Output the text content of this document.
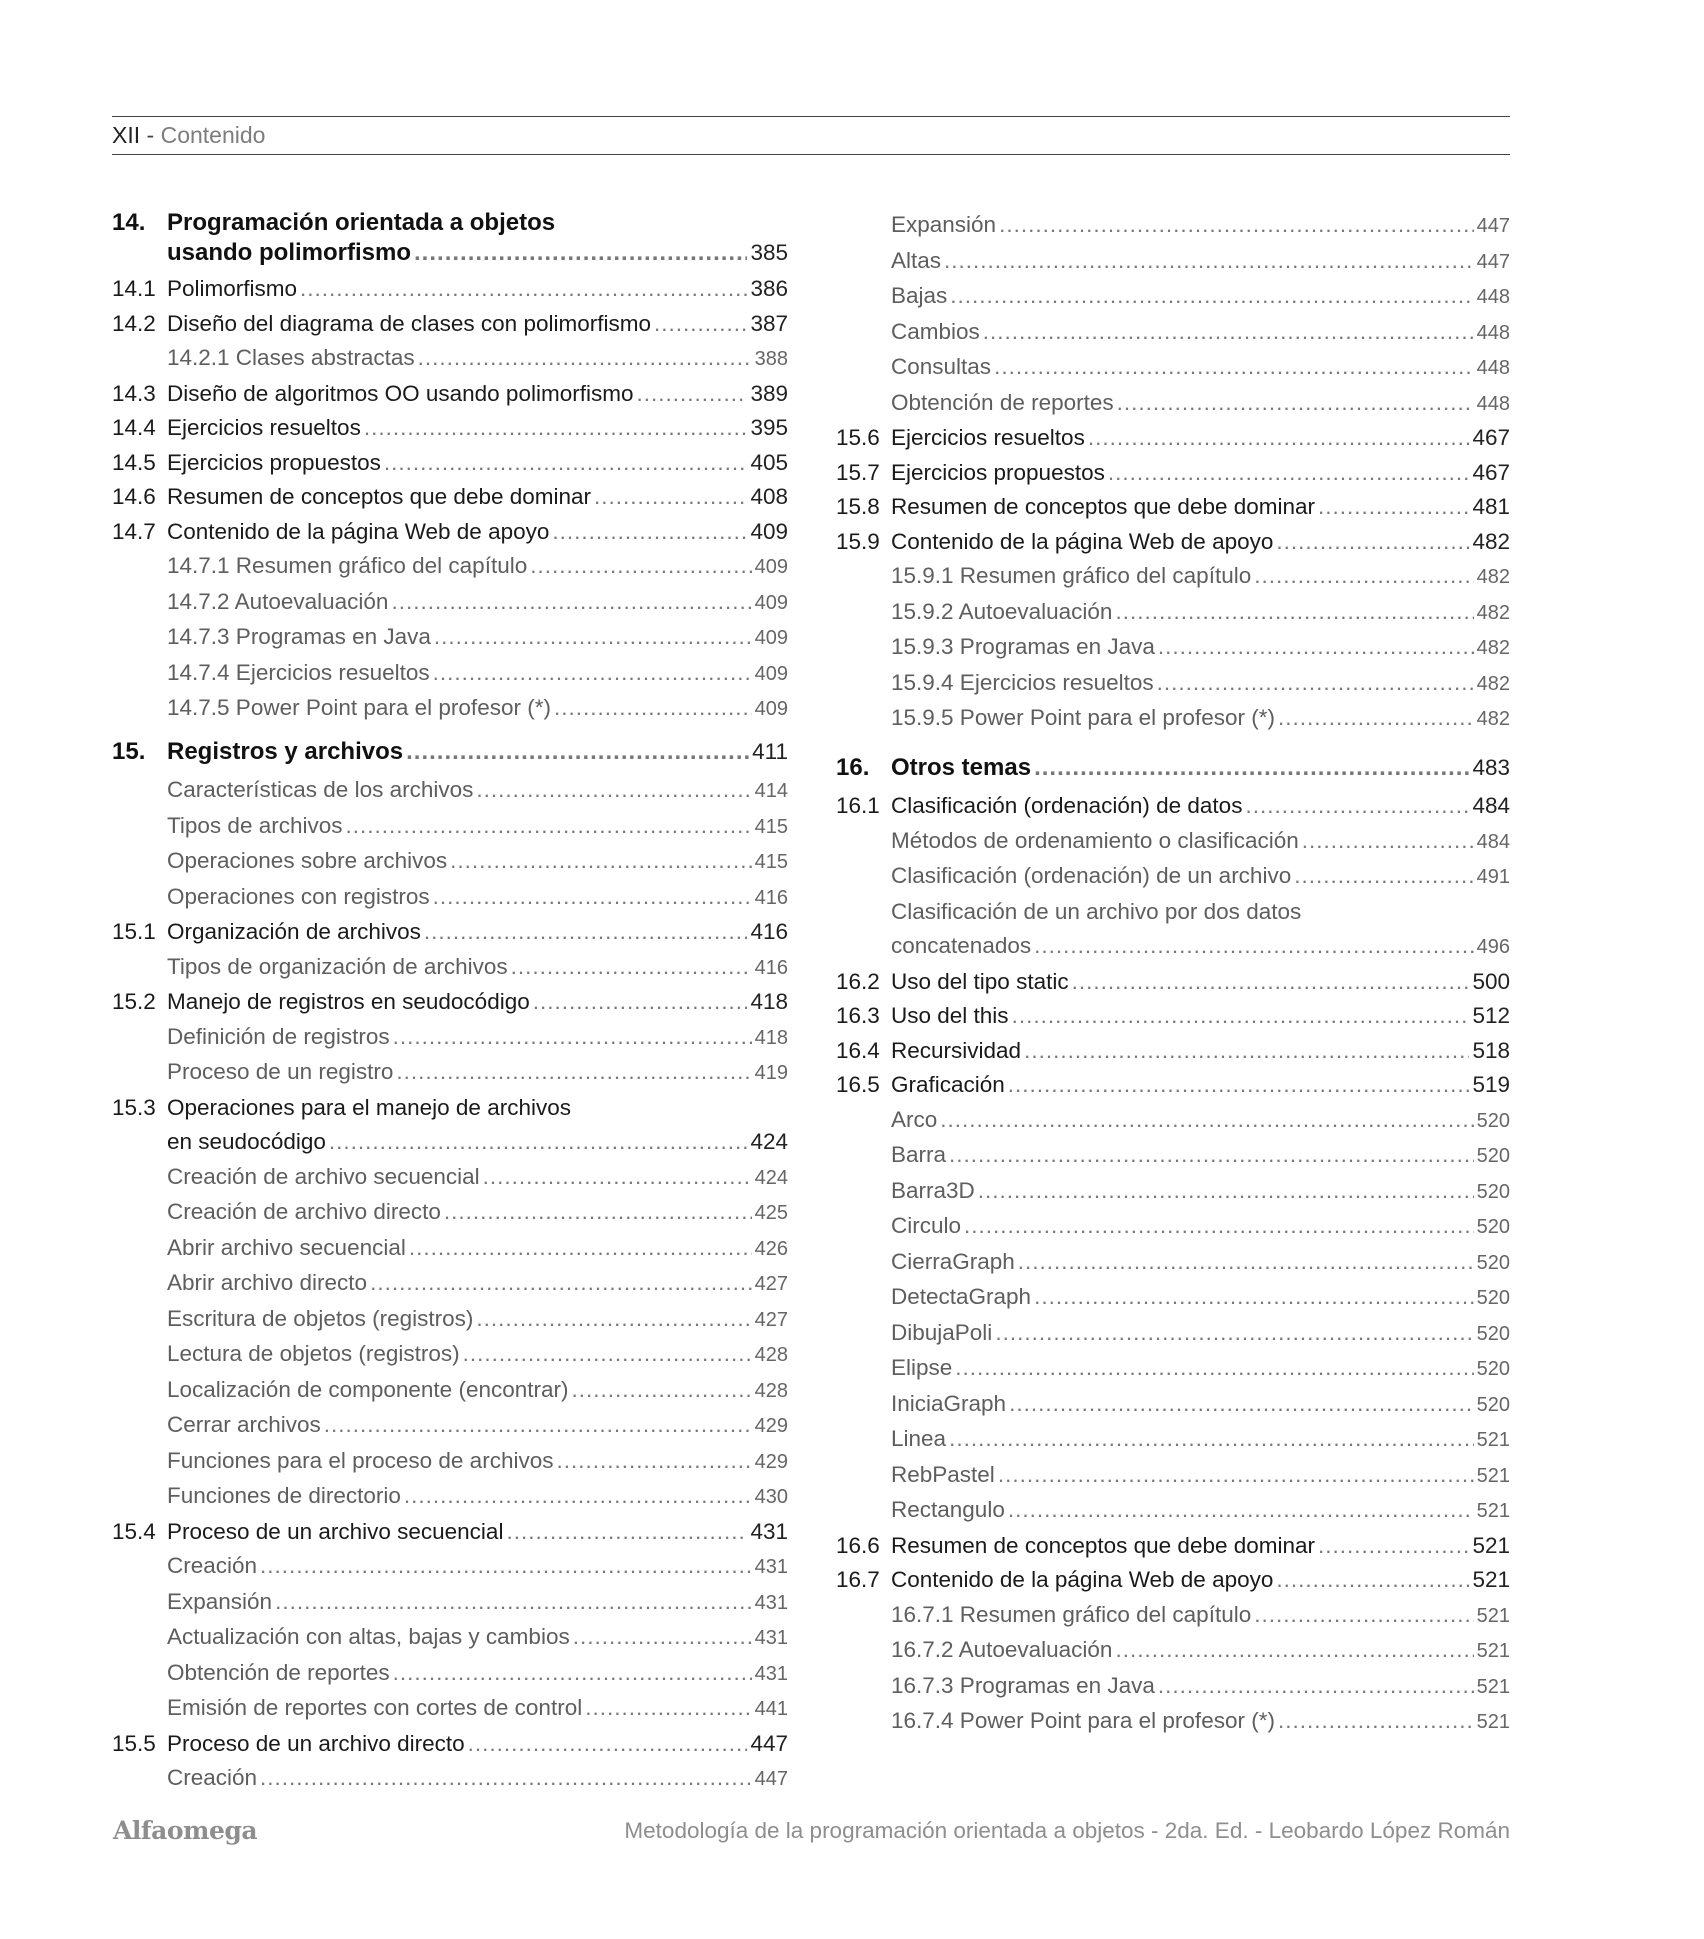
XII - Contenido
14. Programación orientada a objetos
usando polimorfismo .....	385
14.1 Polimorfismo .....	386
14.2 Diseño del diagrama de clases con polimorfismo .....	387
14.2.1 Clases abstractas .....	388
14.3 Diseño de algoritmos OO usando polimorfismo .....	389
14.4 Ejercicios resueltos .....	395
14.5 Ejercicios propuestos .....	405
14.6 Resumen de conceptos que debe dominar .....	408
14.7 Contenido de la página Web de apoyo .....	409
14.7.1 Resumen gráfico del capítulo .....	409
14.7.2 Autoevaluación .....	409
14.7.3 Programas en Java .....	409
14.7.4 Ejercicios resueltos .....	409
14.7.5 Power Point para el profesor (*) .....	409
15. Registros y archivos .....	411
Características de los archivos .....	414
Tipos de archivos .....	415
Operaciones sobre archivos .....	415
Operaciones con registros .....	416
15.1 Organización de archivos .....	416
Tipos de organización de archivos .....	416
15.2 Manejo de registros en seudocódigo .....	418
Definición de registros .....	418
Proceso de un registro .....	419
15.3 Operaciones para el manejo de archivos
en seudocódigo .....	424
Creación de archivo secuencial .....	424
Creación de archivo directo .....	425
Abrir archivo secuencial .....	426
Abrir archivo directo .....	427
Escritura de objetos (registros) .....	427
Lectura de objetos (registros) .....	428
Localización de componente (encontrar) .....	428
Cerrar archivos .....	429
Funciones para el proceso de archivos .....	429
Funciones de directorio .....	430
15.4 Proceso de un archivo secuencial .....	431
Creación .....	431
Expansión .....	431
Actualización con altas, bajas y cambios .....	431
Obtención de reportes .....	431
Emisión de reportes con cortes de control .....	441
15.5 Proceso de un archivo directo .....	447
Creación .....	447
Expansión .....	447
Altas .....	447
Bajas .....	448
Cambios .....	448
Consultas .....	448
Obtención de reportes .....	448
15.6 Ejercicios resueltos .....	467
15.7 Ejercicios propuestos .....	467
15.8 Resumen de conceptos que debe dominar .....	481
15.9 Contenido de la página Web de apoyo .....	482
15.9.1 Resumen gráfico del capítulo .....	482
15.9.2 Autoevaluación .....	482
15.9.3 Programas en Java .....	482
15.9.4 Ejercicios resueltos .....	482
15.9.5 Power Point para el profesor (*) .....	482
16. Otros temas .....	483
16.1 Clasificación (ordenación) de datos .....	484
Métodos de ordenamiento o clasificación .....	484
Clasificación (ordenación) de un archivo .....	491
Clasificación de un archivo por dos datos
concatenados .....	496
16.2 Uso del tipo static .....	500
16.3 Uso del this .....	512
16.4 Recursividad .....	518
16.5 Graficación .....	519
Arco .....	520
Barra .....	520
Barra3D .....	520
Circulo .....	520
CierraGraph .....	520
DetectaGraph .....	520
DibujaPoli .....	520
Elipse .....	520
IniciaGraph .....	520
Linea .....	521
RebPastel .....	521
Rectangulo .....	521
16.6 Resumen de conceptos que debe dominar .....	521
16.7 Contenido de la página Web de apoyo .....	521
16.7.1 Resumen gráfico del capítulo .....	521
16.7.2 Autoevaluación .....	521
16.7.3 Programas en Java .....	521
16.7.4 Power Point para el profesor (*) .....	521
Alfaomega	Metodología de la programación orientada a objetos - 2da. Ed. - Leobardo López Román
